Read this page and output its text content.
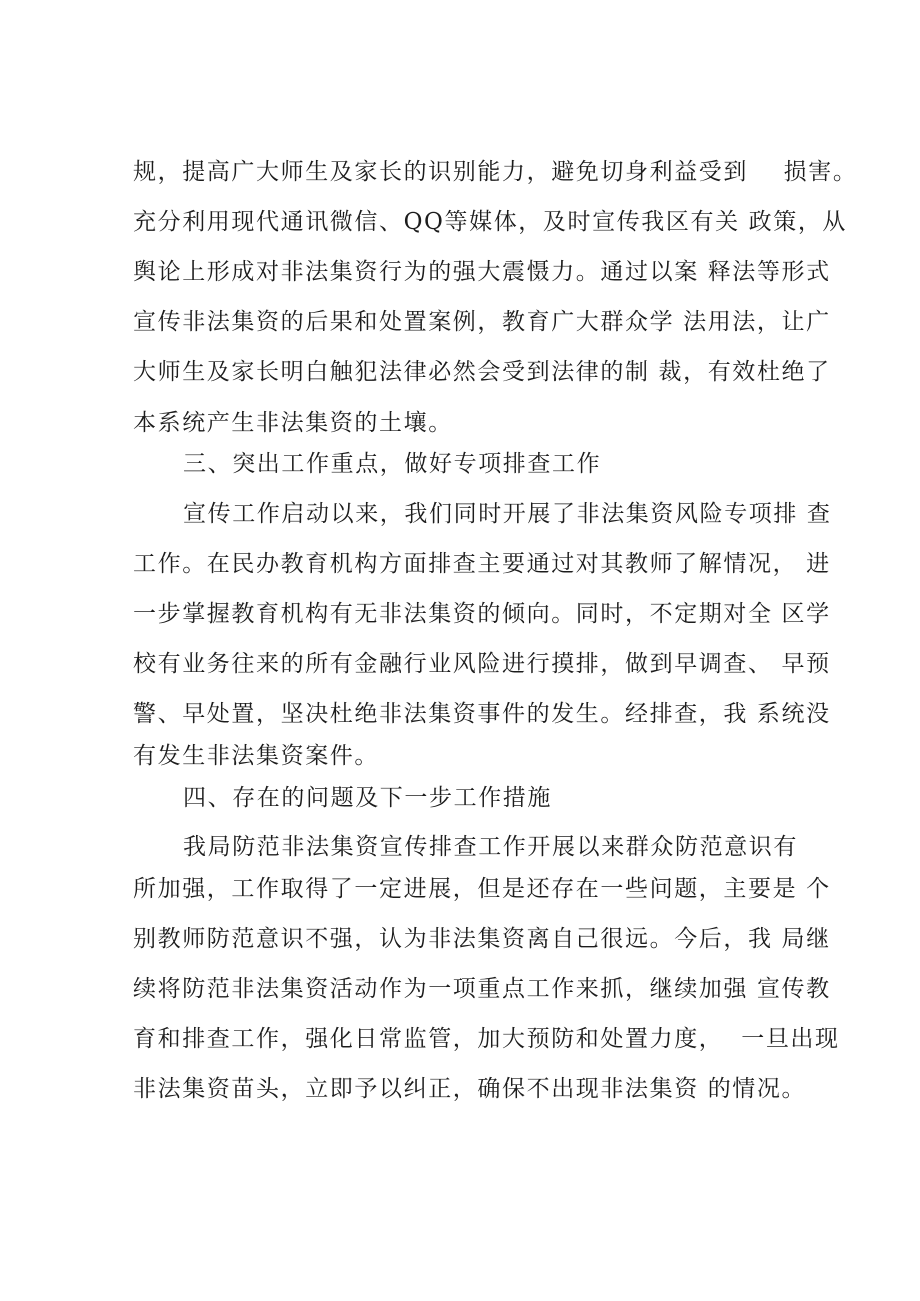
规，提高广大师生及家长的识别能力，避免切身利益受到    损害。
充分利用现代通讯微信、QQ等媒体，及时宣传我区有关 政策，从
舆论上形成对非法集资行为的强大震慑力。通过以案 释法等形式
宣传非法集资的后果和处置案例，教育广大群众学 法用法，让广
大师生及家长明白触犯法律必然会受到法律的制 裁，有效杜绝了
本系统产生非法集资的土壤。
三、突出工作重点，做好专项排查工作
宣传工作启动以来，我们同时开展了非法集资风险专项排 查
工作。在民办教育机构方面排查主要通过对其教师了解情况， 进
一步掌握教育机构有无非法集资的倾向。同时，不定期对全 区学
校有业务往来的所有金融行业风险进行摸排，做到早调查、 早预
警、早处置，坚决杜绝非法集资事件的发生。经排查，我 系统没
有发生非法集资案件。
四、存在的问题及下一步工作措施
我局防范非法集资宣传排查工作开展以来群众防范意识有
所加强，工作取得了一定进展，但是还存在一些问题，主要是 个
别教师防范意识不强，认为非法集资离自己很远。今后，我 局继
续将防范非法集资活动作为一项重点工作来抓，继续加强 宣传教
育和排查工作，强化日常监管，加大预防和处置力度，  一旦出现
非法集资苗头，立即予以纠正，确保不出现非法集资 的情况。
